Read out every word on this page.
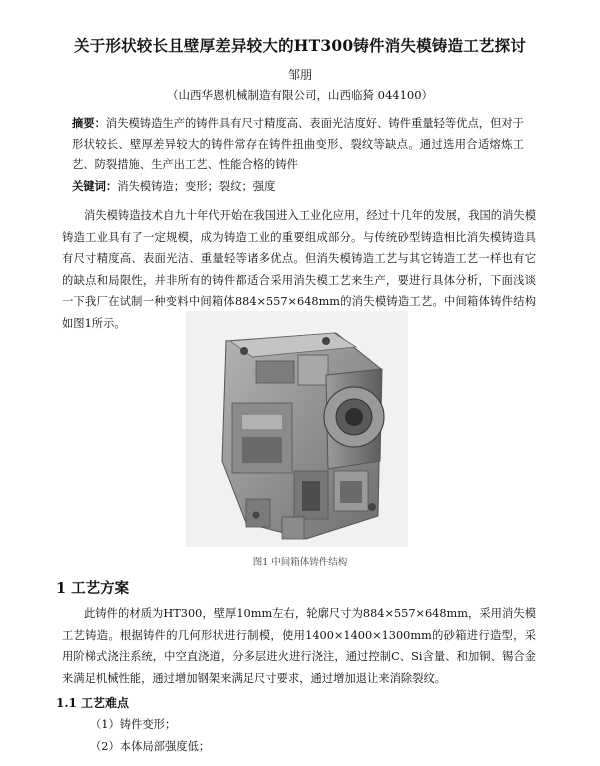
关于形状较长且壁厚差异较大的HT300铸件消失模铸造工艺探讨
邹朋
（山西华恩机械制造有限公司，山西临猗 044100）
摘要：消失模铸造生产的铸件具有尺寸精度高、表面光洁度好、铸件重量轻等优点，但对于形状较长、壁厚差异较大的铸件常存在铸件扭曲变形、裂纹等缺点。通过选用合适熔炼工艺、防裂措施、生产出工艺、性能合格的铸件
关键词：消失模铸造；变形；裂纹；强度
消失模铸造技术自九十年代开始在我国进入工业化应用，经过十几年的发展，我国的消失模铸造工业具有了一定规模，成为铸造工业的重要组成部分。与传统砂型铸造相比消失模铸造具有尺寸精度高、表面光洁、重量轻等诸多优点。但消失模铸造工艺与其它铸造工艺一样也有它的缺点和局限性，并非所有的铸件都适合采用消失模工艺来生产，要进行具体分析，下面浅谈一下我厂在试制一种变料中间箱体884×557×648mm的消失模铸造工艺。中间箱体铸件结构如图1所示。
图1 中间箱体铸件结构
1 工艺方案
此铸件的材质为HT300，壁厚10mm左右，轮廓尺寸为884×557×648mm，采用消失模工艺铸造。根据铸件的几何形状进行制模，使用1400×1400×1300mm的砂箱进行造型，采用阶梯式浇注系统，中空直浇道，分多层进火进行浇注，通过控制C、Si含量、和加铜、锡合金来满足机械性能，通过增加钢架来满足尺寸要求，通过增加退让来消除裂纹。
1.1 工艺难点
（1）铸件变形；
（2）本体局部强度低；
